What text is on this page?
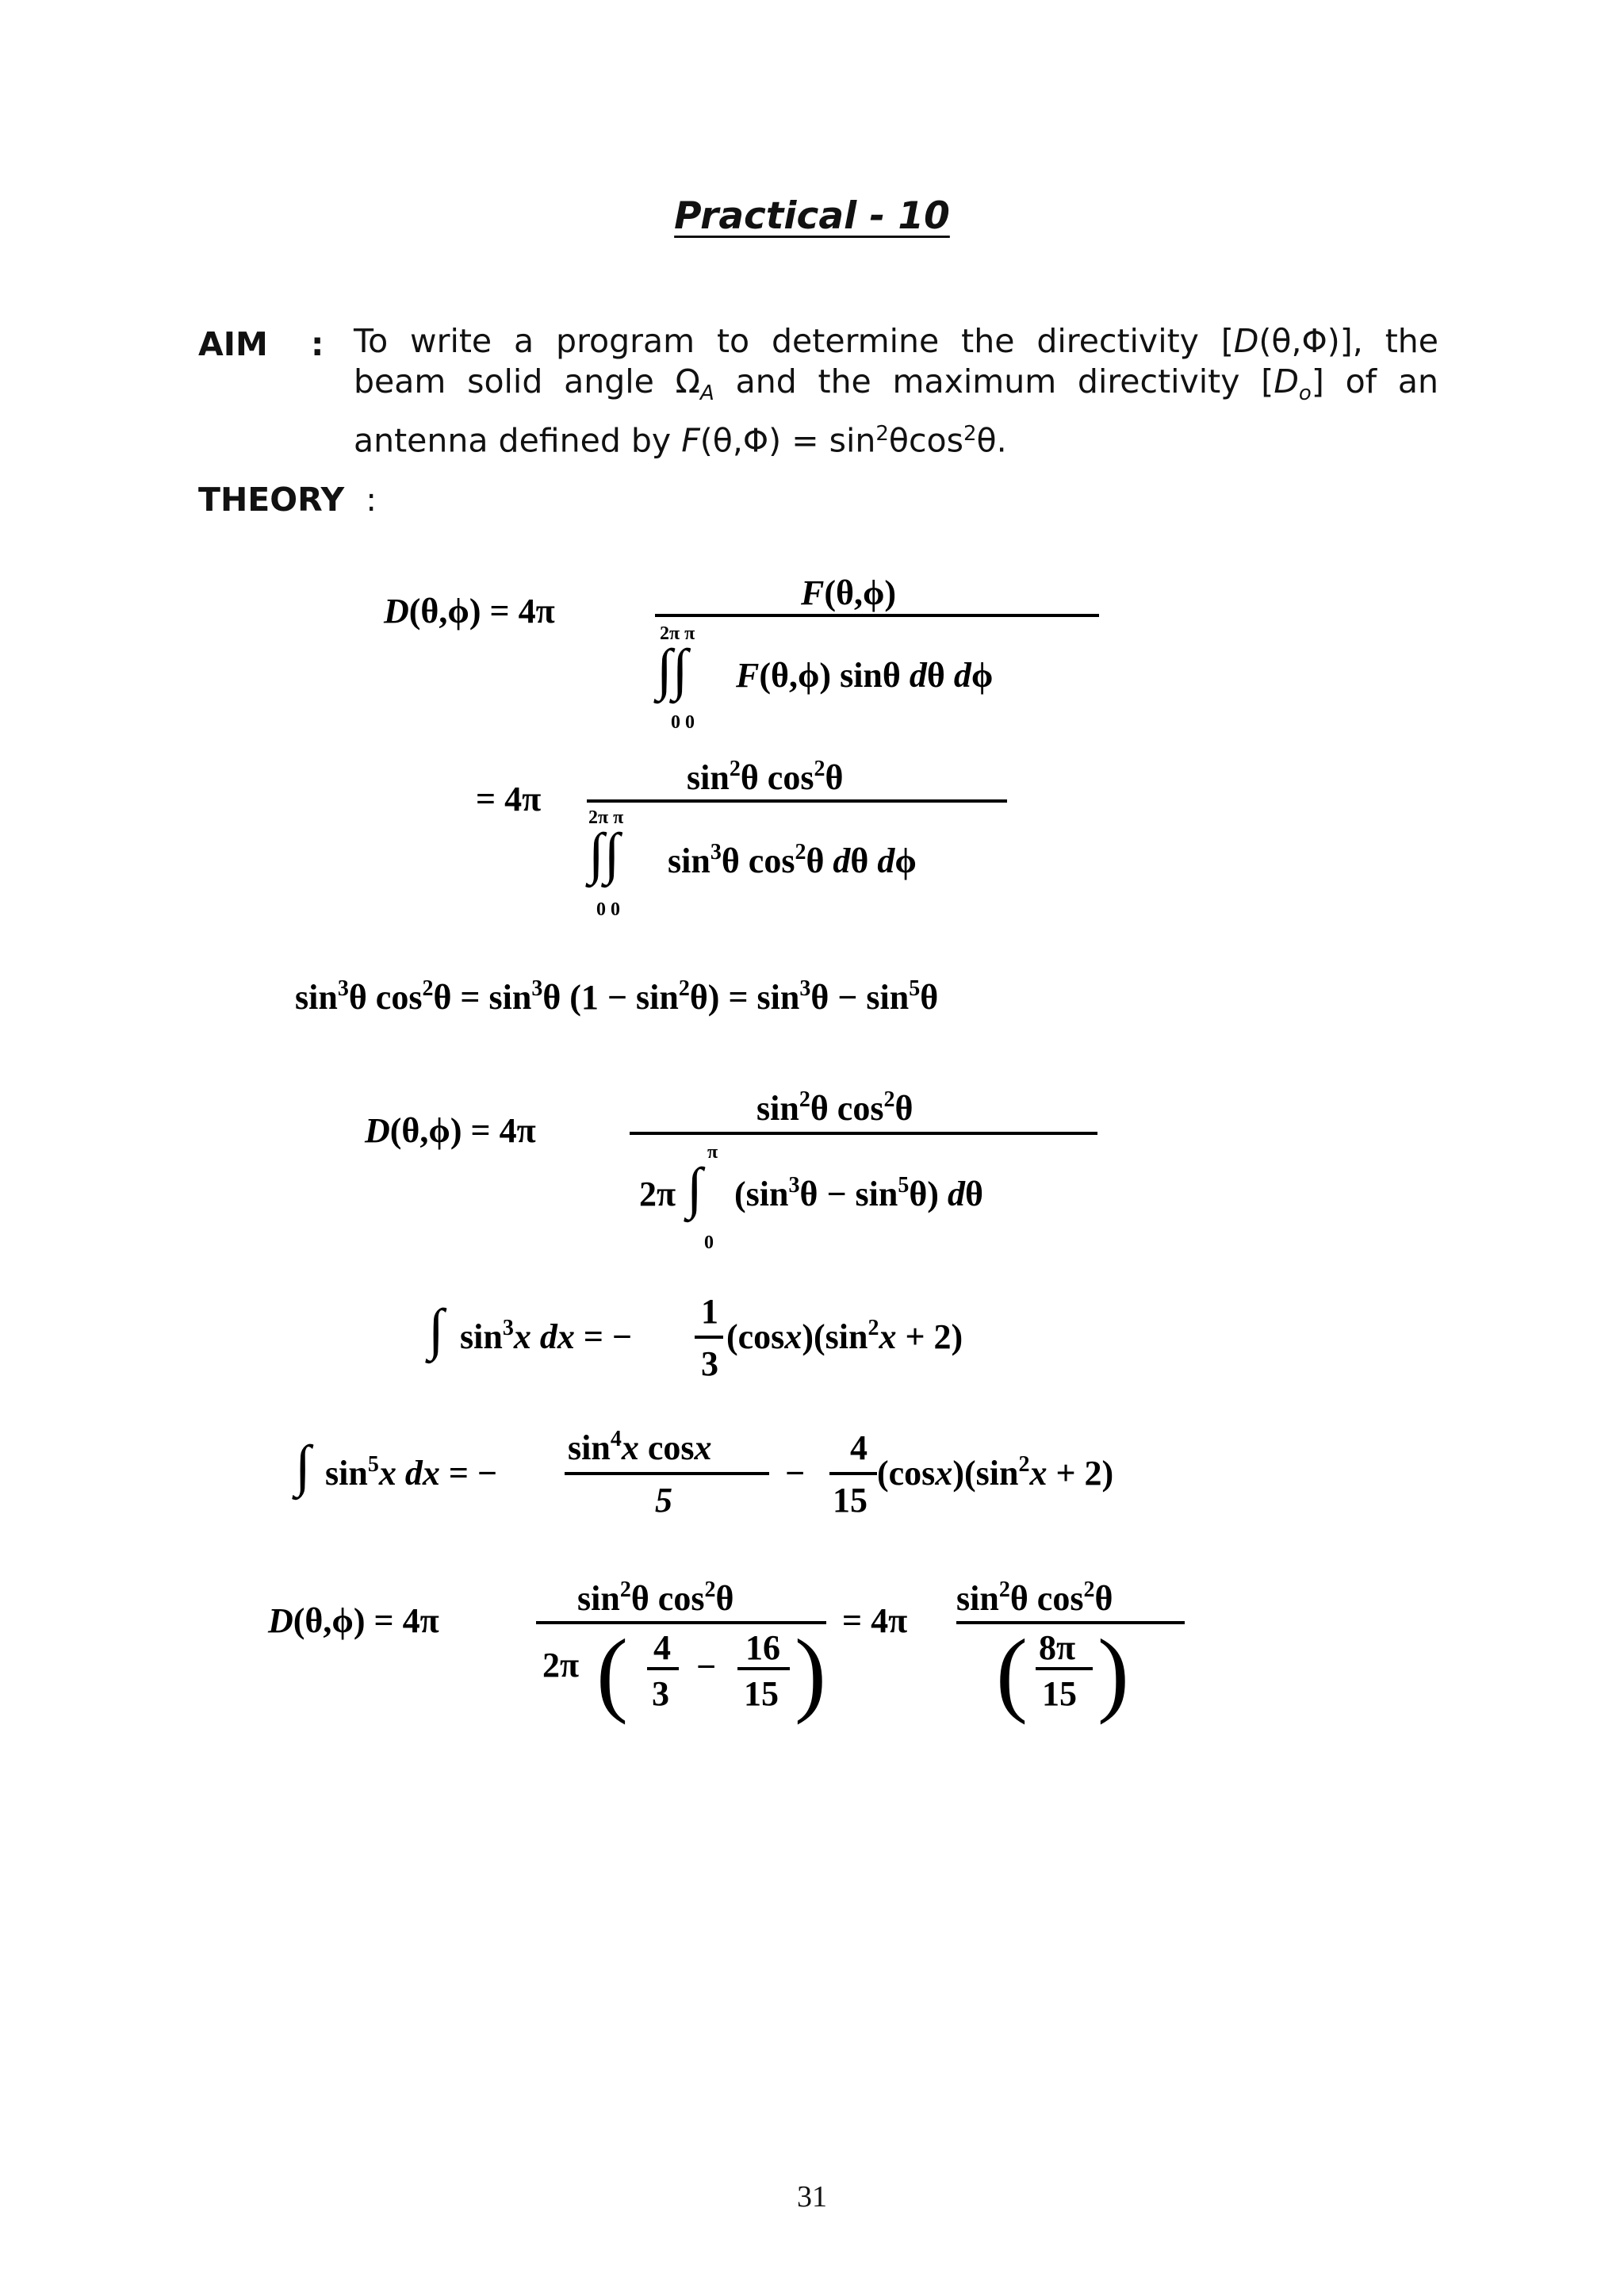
Practical - 10
AIM : To write a program to determine the directivity [D(θ,Φ)], the
beam solid angle $\Omega_A$ and the maximum directivity $[D_o]$ of an
antenna defined by $F(\theta,\Phi) = \sin^2\theta\cos^2\theta$.
THEORY :
D(θ,ϕ) = 4π	F(θ,ϕ)
2π π
∫∫
0 0
F(θ,ϕ) sinθ dθ dϕ
= 4π
$\sin^2\theta$ $\cos^2\theta$
2π π
∫∫
0 0
$\sin^3\theta$ $\cos^2\theta$ dθ dϕ
$\sin^3\theta$ $\cos^2\theta = \sin^3\theta$ $(1 - \sin^2\theta) = \sin^3\theta - \sin^5\theta$
D(θ,ϕ) = 4π
$\sin^2\theta$ $\cos^2\theta$
2π
π
∫
0
$(\sin^3\theta - \sin^5\theta)$ dθ
∫ $\sin^3x$ dx = −
1
3
$(\cos x)(\sin^2x + 2)$
∫ $\sin^5x$ dx = −
$\sin^4x$ cosx
5
−
4
15
$(\cos x)(\sin^2x + 2)$
D(θ,ϕ) = 4π
$\sin^2\theta$ $\cos^2\theta$
2π ( 4
3
− 16
15 ) = 4π
$\sin^2\theta$ $\cos^2\theta$
( 8π
15 )
31
